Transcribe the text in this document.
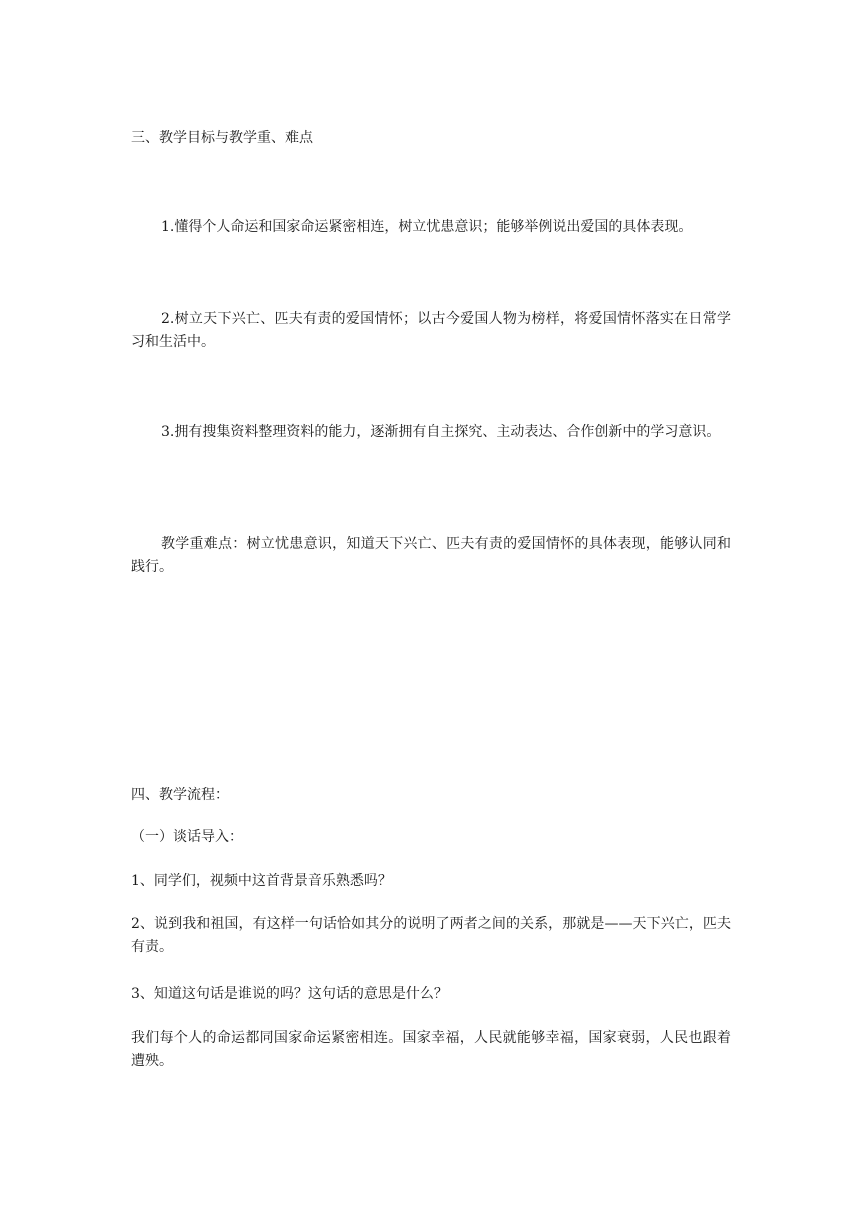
三、教学目标与教学重、难点

1.懂得个人命运和国家命运紧密相连，树立忧患意识；能够举例说出爱国的具体表现。

2.树立天下兴亡、匹夫有责的爱国情怀；以古今爱国人物为榜样，将爱国情怀落实在日常学习和生活中。

3.拥有搜集资料整理资料的能力，逐渐拥有自主探究、主动表达、合作创新中的学习意识。

教学重难点：树立忧患意识，知道天下兴亡、匹夫有责的爱国情怀的具体表现，能够认同和践行。

四、教学流程：

（一）谈话导入：

1、同学们，视频中这首背景音乐熟悉吗？

2、说到我和祖国，有这样一句话恰如其分的说明了两者之间的关系，那就是——天下兴亡，匹夫有责。

3、知道这句话是谁说的吗？这句话的意思是什么？

我们每个人的命运都同国家命运紧密相连。国家幸福，人民就能够幸福，国家衰弱，人民也跟着遭殃。
